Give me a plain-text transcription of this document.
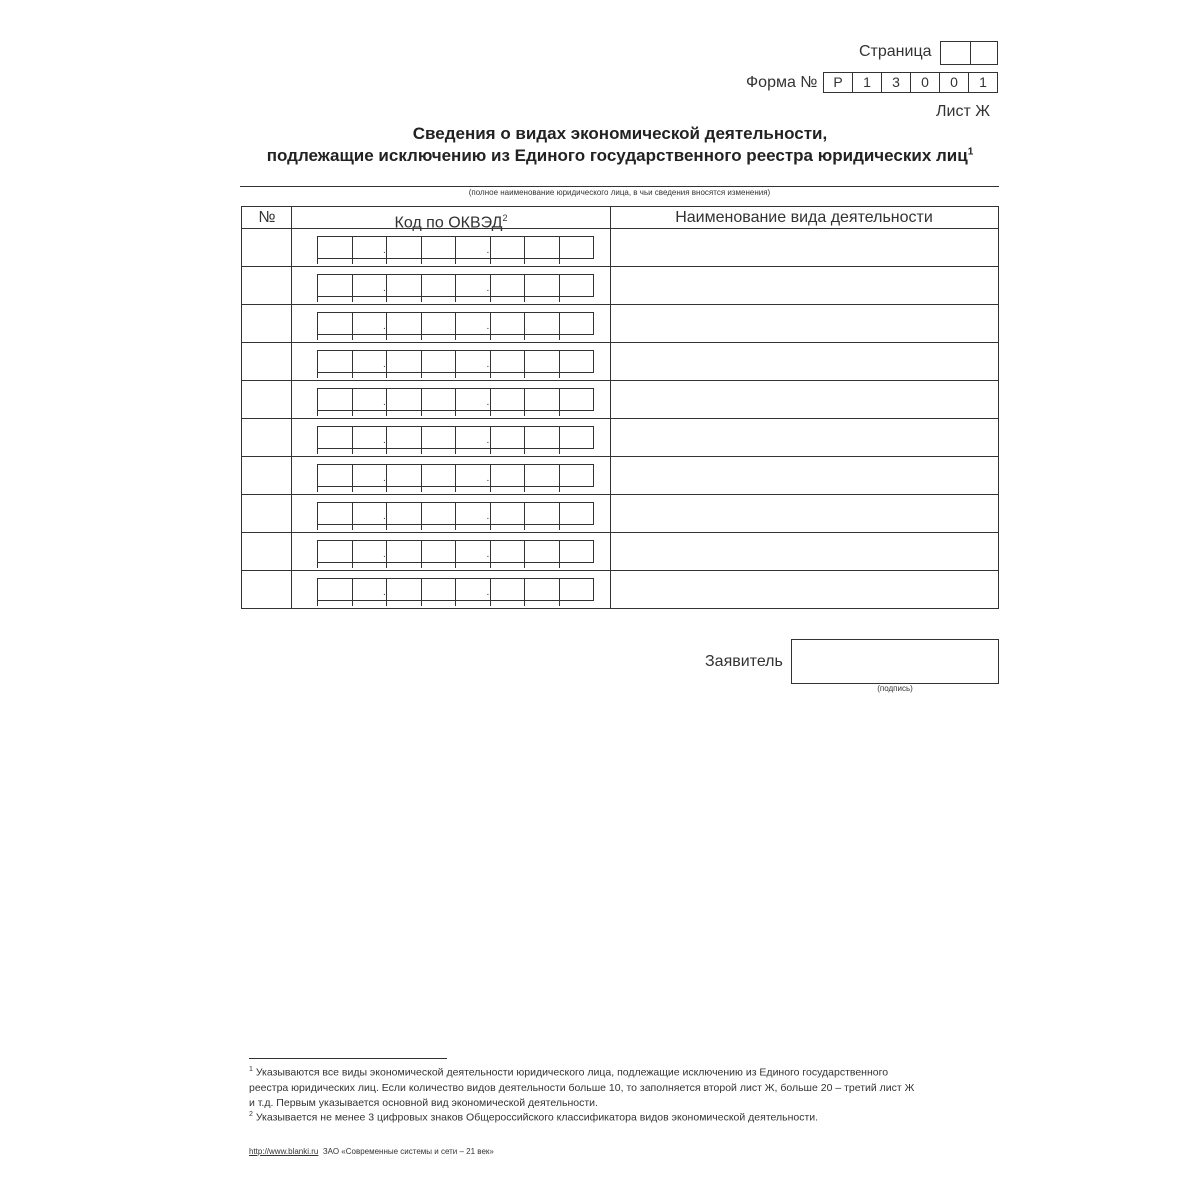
Страница
Форма №	Р	1	3	0	0	1
Лист Ж
Сведения о видах экономической деятельности,
подлежащие исключению из Единого государственного реестра юридических лиц$^1$
(полное наименование юридического лица, в чьи сведения вносятся изменения)
№	Код по ОКВЭД$^2$	Наименование вида деятельности
.	.
.	.
.	.
.	.
.	.
.	.
.	.
.	.
.	.
.	.
Заявитель
(подпись)
$^1$ Указываются все виды экономической деятельности юридического лица, подлежащие исключению из Единого государственного
реестра юридических лиц. Если количество видов деятельности больше 10, то заполняется второй лист Ж, больше 20 – третий лист Ж
и т.д. Первым указывается основной вид экономической деятельности.
$^2$ Указывается не менее 3 цифровых знаков Общероссийского классификатора видов экономической деятельности.
http://www.blanki.ru ЗАО «Современные системы и сети – 21 век»
